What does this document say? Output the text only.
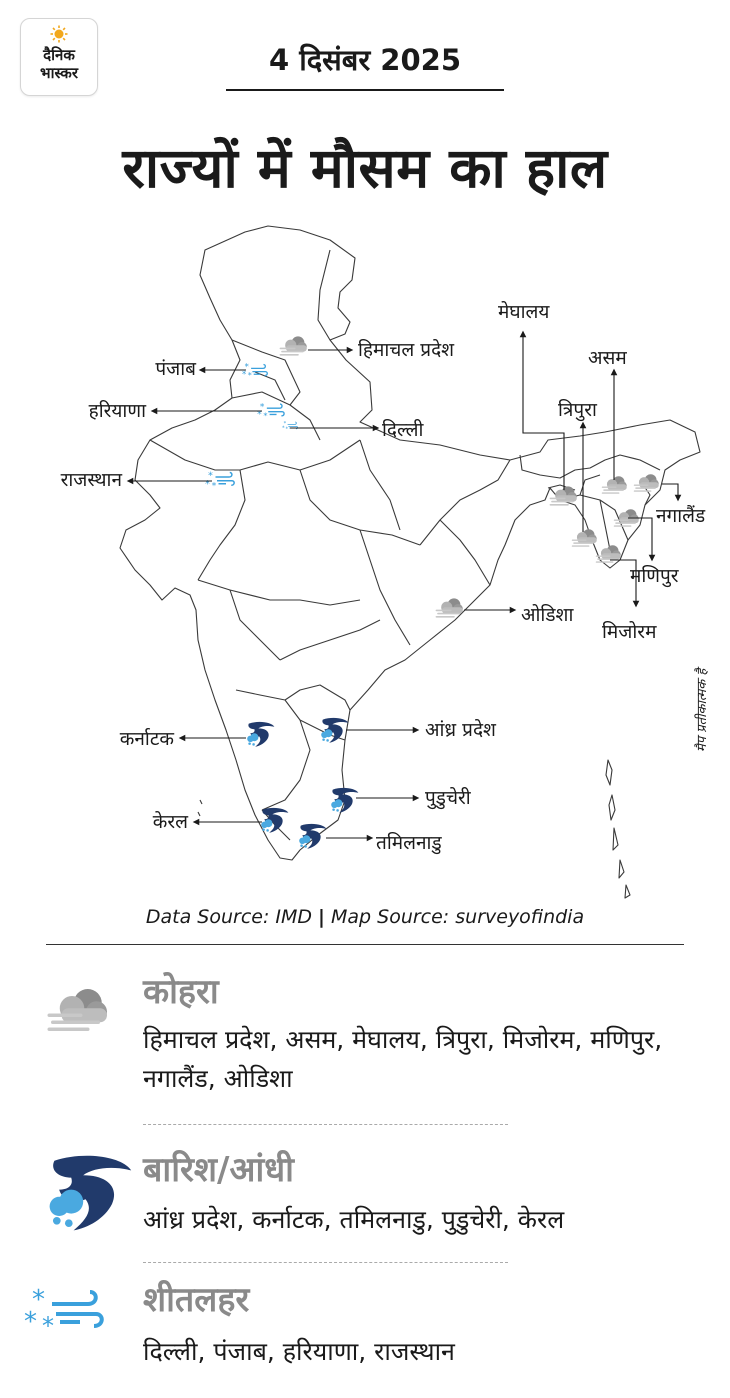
दैनिक
भास्कर	4 दिसंबर 2025
राज्यों में मौसम का हाल
हिमाचल प्रदेश
पंजाब
हरियाणा
दिल्ली
राजस्थान
मेघालय
असम
त्रिपुरा
नगालैंड
मणिपुर
मिजोरम
ओडिशा
कर्नाटक	आंध्र प्रदेश
पुडुचेरी
केरल
तमिलनाडु
मैप प्रतीकात्मक है
Data Source: IMD | Map Source: surveyofindia
कोहरा
हिमाचल प्रदेश, असम, मेघालय, त्रिपुरा, मिजोरम, मणिपुर, नगालैंड, ओडिशा
बारिश/आंधी
आंध्र प्रदेश, कर्नाटक, तमिलनाडु, पुडुचेरी, केरल
शीतलहर
दिल्ली, पंजाब, हरियाणा, राजस्थान
